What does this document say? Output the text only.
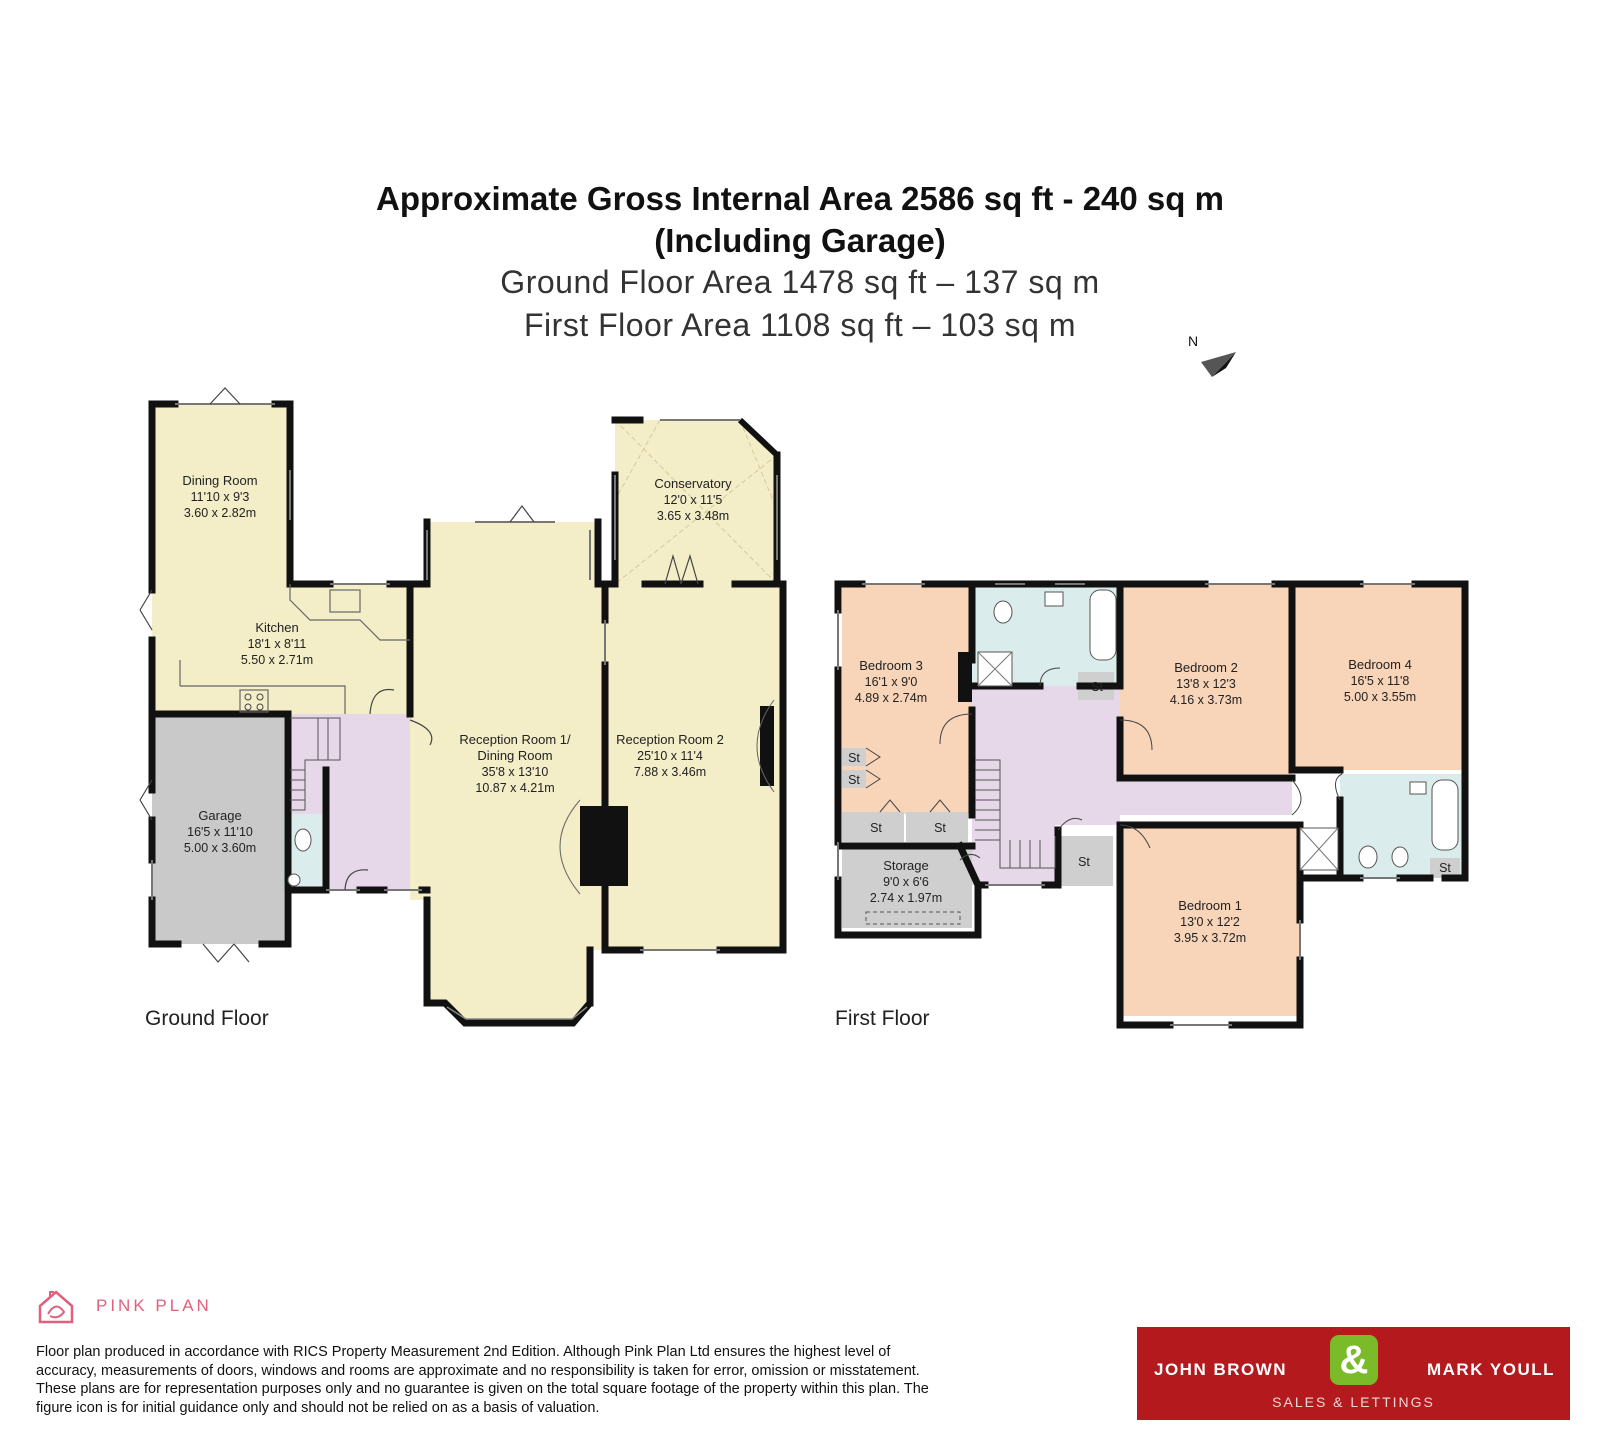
Approximate Gross Internal Area 2586 sq ft - 240 sq m
(Including Garage)
Ground Floor Area 1478 sq ft – 137 sq m
First Floor Area 1108 sq ft – 103 sq m	N
Dining Room
11'10 x 9'3
3.60 x 2.82m
Kitchen
18'1 x 8'11
5.50 x 2.71m
Garage
16'5 x 11'10
5.00 x 3.60m
Reception Room 1/
Dining Room
35'8 x 13'10
10.87 x 4.21m
Reception Room 2
25'10 x 11'4
7.88 x 3.46m
Conservatory
12'0 x 11'5
3.65 x 3.48m
Ground Floor
Bedroom 3
16'1 x 9'0
4.89 x 2.74m
Bedroom 2
13'8 x 12'3
4.16 x 3.73m
Bedroom 4
16'5 x 11'8
5.00 x 3.55m
Bedroom 1
13'0 x 12'2
3.95 x 3.72m
Storage
9'0 x 6'6
2.74 x 1.97m
St
St
St	St
St
St	St
First Floor
PINK PLAN
Floor plan produced in accordance with RICS Property Measurement 2nd Edition. Although Pink Plan Ltd ensures the highest level of accuracy, measurements of doors, windows and rooms are approximate and no responsibility is taken for error, omission or misstatement. These plans are for representation purposes only and no guarantee is given on the total square footage of the property within this plan. The figure icon is for initial guidance only and should not be relied on as a basis of valuation.
JOHN BROWN &	MARK YOULL
SALES & LETTINGS
